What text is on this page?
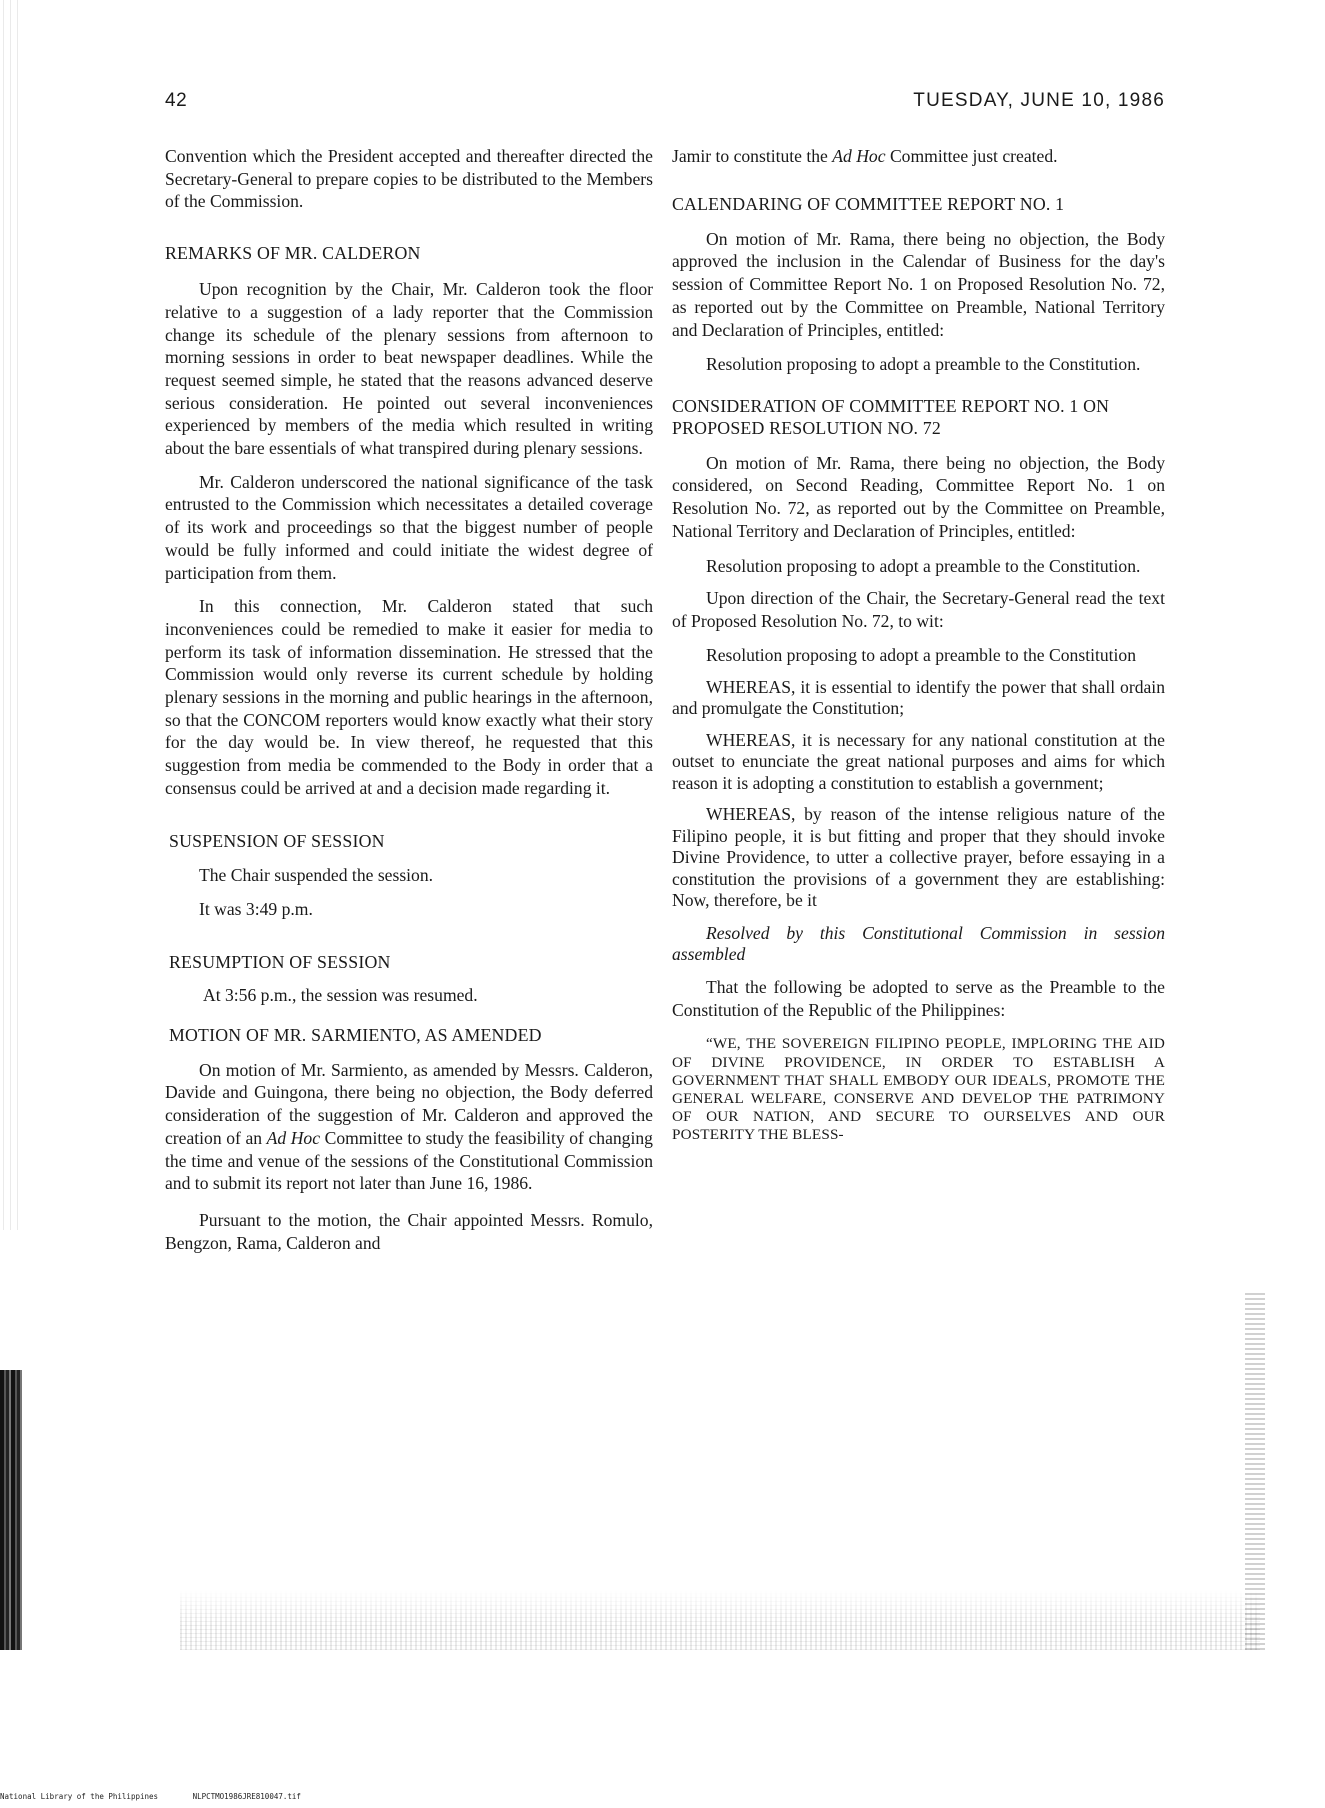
42	TUESDAY, JUNE 10, 1986

Convention which the President accepted and thereafter directed the Secretary-General to prepare copies to be distributed to the Members of the Commission.

REMARKS OF MR. CALDERON

Upon recognition by the Chair, Mr. Calderon took the floor relative to a suggestion of a lady reporter that the Commission change its schedule of the plenary sessions from afternoon to morning sessions in order to beat newspaper deadlines. While the request seemed simple, he stated that the reasons advanced deserve serious consideration. He pointed out several inconveniences experienced by members of the media which resulted in writing about the bare essentials of what transpired during plenary sessions.

Mr. Calderon underscored the national significance of the task entrusted to the Commission which necessitates a detailed coverage of its work and proceedings so that the biggest number of people would be fully informed and could initiate the widest degree of participation from them.

In this connection, Mr. Calderon stated that such inconveniences could be remedied to make it easier for media to perform its task of information dissemination. He stressed that the Commission would only reverse its current schedule by holding plenary sessions in the morning and public hearings in the afternoon, so that the CONCOM reporters would know exactly what their story for the day would be. In view thereof, he requested that this suggestion from media be commended to the Body in order that a consensus could be arrived at and a decision made regarding it.

SUSPENSION OF SESSION

The Chair suspended the session.

It was 3:49 p.m.

RESUMPTION OF SESSION

At 3:56 p.m., the session was resumed.

MOTION OF MR. SARMIENTO, AS AMENDED

On motion of Mr. Sarmiento, as amended by Messrs. Calderon, Davide and Guingona, there being no objection, the Body deferred consideration of the suggestion of Mr. Calderon and approved the creation of an Ad Hoc Committee to study the feasibility of changing the time and venue of the sessions of the Constitutional Commission and to submit its report not later than June 16, 1986.

Pursuant to the motion, the Chair appointed Messrs. Romulo, Bengzon, Rama, Calderon and

Jamir to constitute the Ad Hoc Committee just created.

CALENDARING OF COMMITTEE REPORT NO. 1

On motion of Mr. Rama, there being no objection, the Body approved the inclusion in the Calendar of Business for the day's session of Committee Report No. 1 on Proposed Resolution No. 72, as reported out by the Committee on Preamble, National Territory and Declaration of Principles, entitled:

Resolution proposing to adopt a preamble to the Constitution.

CONSIDERATION OF COMMITTEE REPORT NO. 1 ON PROPOSED RESOLUTION NO. 72

On motion of Mr. Rama, there being no objection, the Body considered, on Second Reading, Committee Report No. 1 on Resolution No. 72, as reported out by the Committee on Preamble, National Territory and Declaration of Principles, entitled:

Resolution proposing to adopt a preamble to the Constitution.

Upon direction of the Chair, the Secretary-General read the text of Proposed Resolution No. 72, to wit:

Resolution proposing to adopt a preamble to the Constitution

WHEREAS, it is essential to identify the power that shall ordain and promulgate the Constitution;

WHEREAS, it is necessary for any national constitution at the outset to enunciate the great national purposes and aims for which reason it is adopting a constitution to establish a government;

WHEREAS, by reason of the intense religious nature of the Filipino people, it is but fitting and proper that they should invoke Divine Providence, to utter a collective prayer, before essaying in a constitution the provisions of a government they are establishing: Now, therefore, be it

Resolved by this Constitutional Commission in session assembled

That the following be adopted to serve as the Preamble to the Constitution of the Republic of the Philippines:

“WE, THE SOVEREIGN FILIPINO PEOPLE, IMPLORING THE AID OF DIVINE PROVIDENCE, IN ORDER TO ESTABLISH A GOVERNMENT THAT SHALL EMBODY OUR IDEALS, PROMOTE THE GENERAL WELFARE, CONSERVE AND DEVELOP THE PATRIMONY OF OUR NATION, AND SECURE TO OURSELVES AND OUR POSTERITY THE BLESS-

National Library of the Philippines	NLPCTMO1986JRE810047.tif
